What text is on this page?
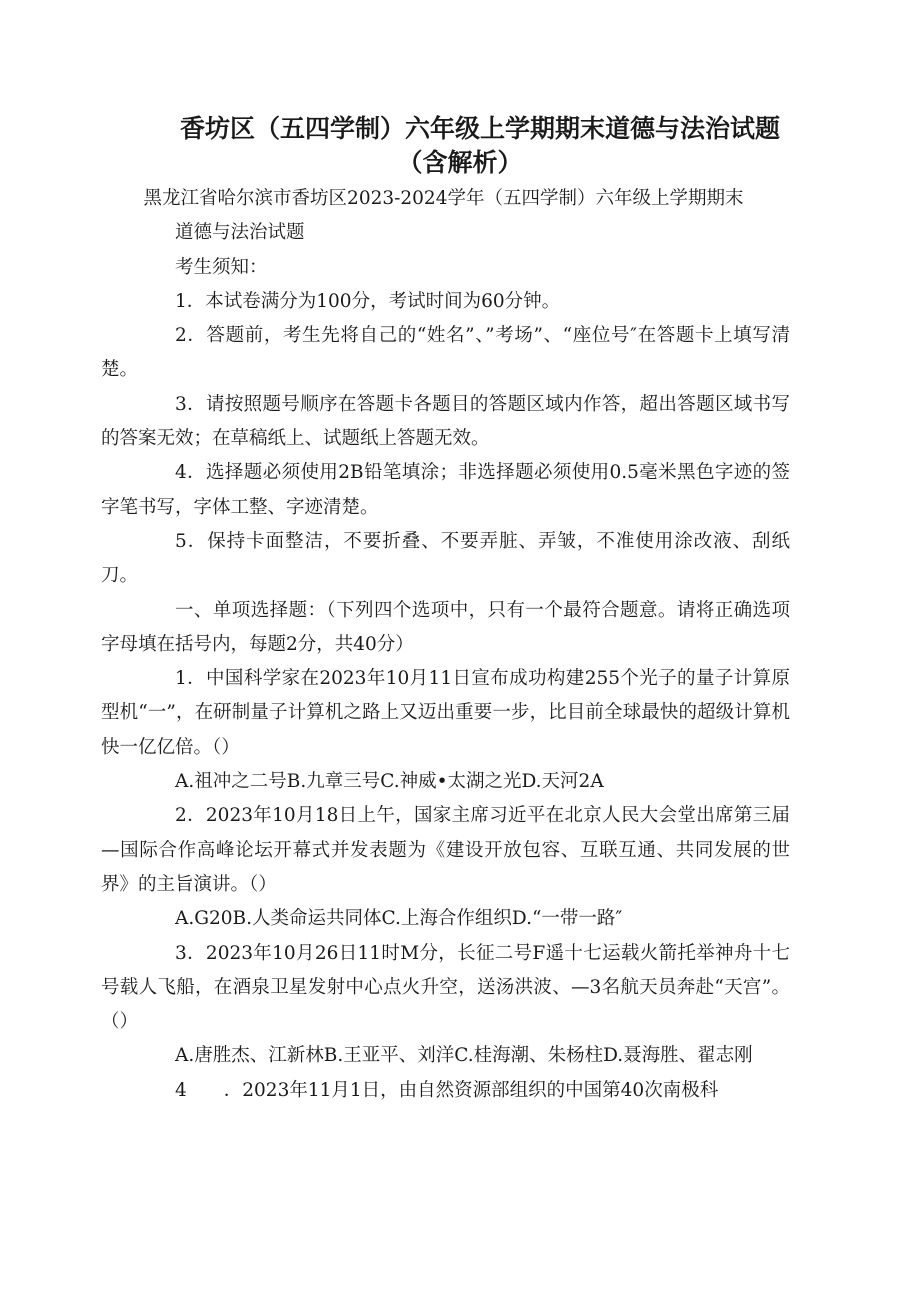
香坊区（五四学制）六年级上学期期末道德与法治试题
（含解析）

黑龙江省哈尔滨市香坊区2023-2024学年（五四学制）六年级上学期期末

道德与法治试题

考生须知：

1．本试卷满分为100分，考试时间为60分钟。

2．答题前，考生先将自己的“姓名”、”考场”、“座位号″在答题卡上填写清楚。

3．请按照题号顺序在答题卡各题目的答题区域内作答，超出答题区域书写的答案无效；在草稿纸上、试题纸上答题无效。

4．选择题必须使用2B铅笔填涂；非选择题必须使用0.5毫米黑色字迹的签字笔书写，字体工整、字迹清楚。

5．保持卡面整洁，不要折叠、不要弄脏、弄皱，不准使用涂改液、刮纸刀。

一、单项选择题：（下列四个选项中，只有一个最符合题意。请将正确选项字母填在括号内，每题2分，共40分）

1．中国科学家在2023年10月11日宣布成功构建255个光子的量子计算原型机“一”，在研制量子计算机之路上又迈出重要一步，比目前全球最快的超级计算机快一亿亿倍。（）

A.祖冲之二号B.九章三号C.神威•太湖之光D.天河2A

2．2023年10月18日上午，国家主席习近平在北京人民大会堂出席第三届—国际合作高峰论坛开幕式并发表题为《建设开放包容、互联互通、共同发展的世界》的主旨演讲。（）

A.G20B.人类命运共同体C.上海合作组织D.“一带一路″

3．2023年10月26日11时M分，长征二号F遥十七运载火箭托举神舟十七号载人飞船，在酒泉卫星发射中心点火升空，送汤洪波、—3名航天员奔赴“天宫”。（）

A.唐胜杰、江新林B.王亚平、刘洋C.桂海潮、朱杨柱D.聂海胜、翟志刚

4　　．2023年11月1日，由自然资源部组织的中国第40次南极科
